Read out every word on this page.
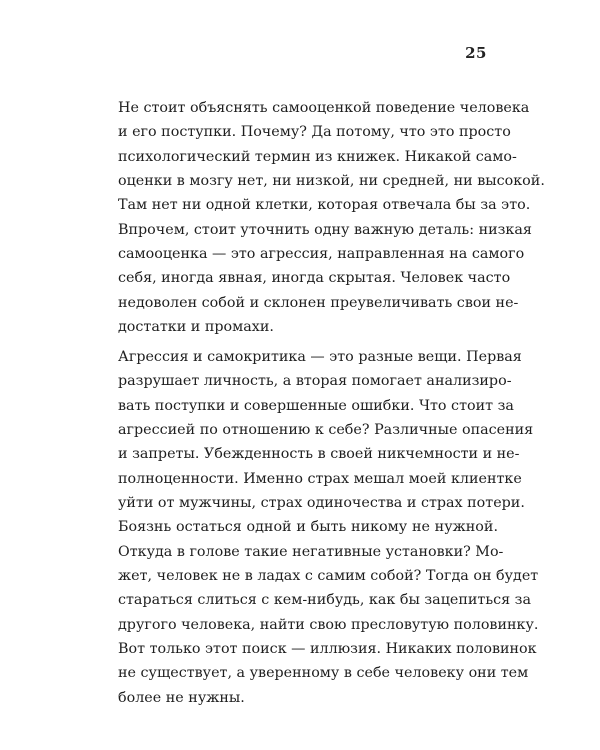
25
Не стоит объяснять самооценкой поведение человека
и его поступки. Почему? Да потому, что это просто
психологический термин из книжек. Никакой само-
оценки в мозгу нет, ни низкой, ни средней, ни высокой.
Там нет ни одной клетки, которая отвечала бы за это.
Впрочем, стоит уточнить одну важную деталь: низкая
самооценка — это агрессия, направленная на самого
себя, иногда явная, иногда скрытая. Человек часто
недоволен собой и склонен преувеличивать свои не-
достатки и промахи.
Агрессия и самокритика — это разные вещи. Первая
разрушает личность, а вторая помогает анализиро-
вать поступки и совершенные ошибки. Что стоит за
агрессией по отношению к себе? Различные опасения
и запреты. Убежденность в своей никчемности и не-
полноценности. Именно страх мешал моей клиентке
уйти от мужчины, страх одиночества и страх потери.
Боязнь остаться одной и быть никому не нужной.
Откуда в голове такие негативные установки? Мо-
жет, человек не в ладах с самим собой? Тогда он будет
стараться слиться с кем-нибудь, как бы зацепиться за
другого человека, найти свою пресловутую половинку.
Вот только этот поиск — иллюзия. Никаких половинок
не существует, а уверенному в себе человеку они тем
более не нужны.
